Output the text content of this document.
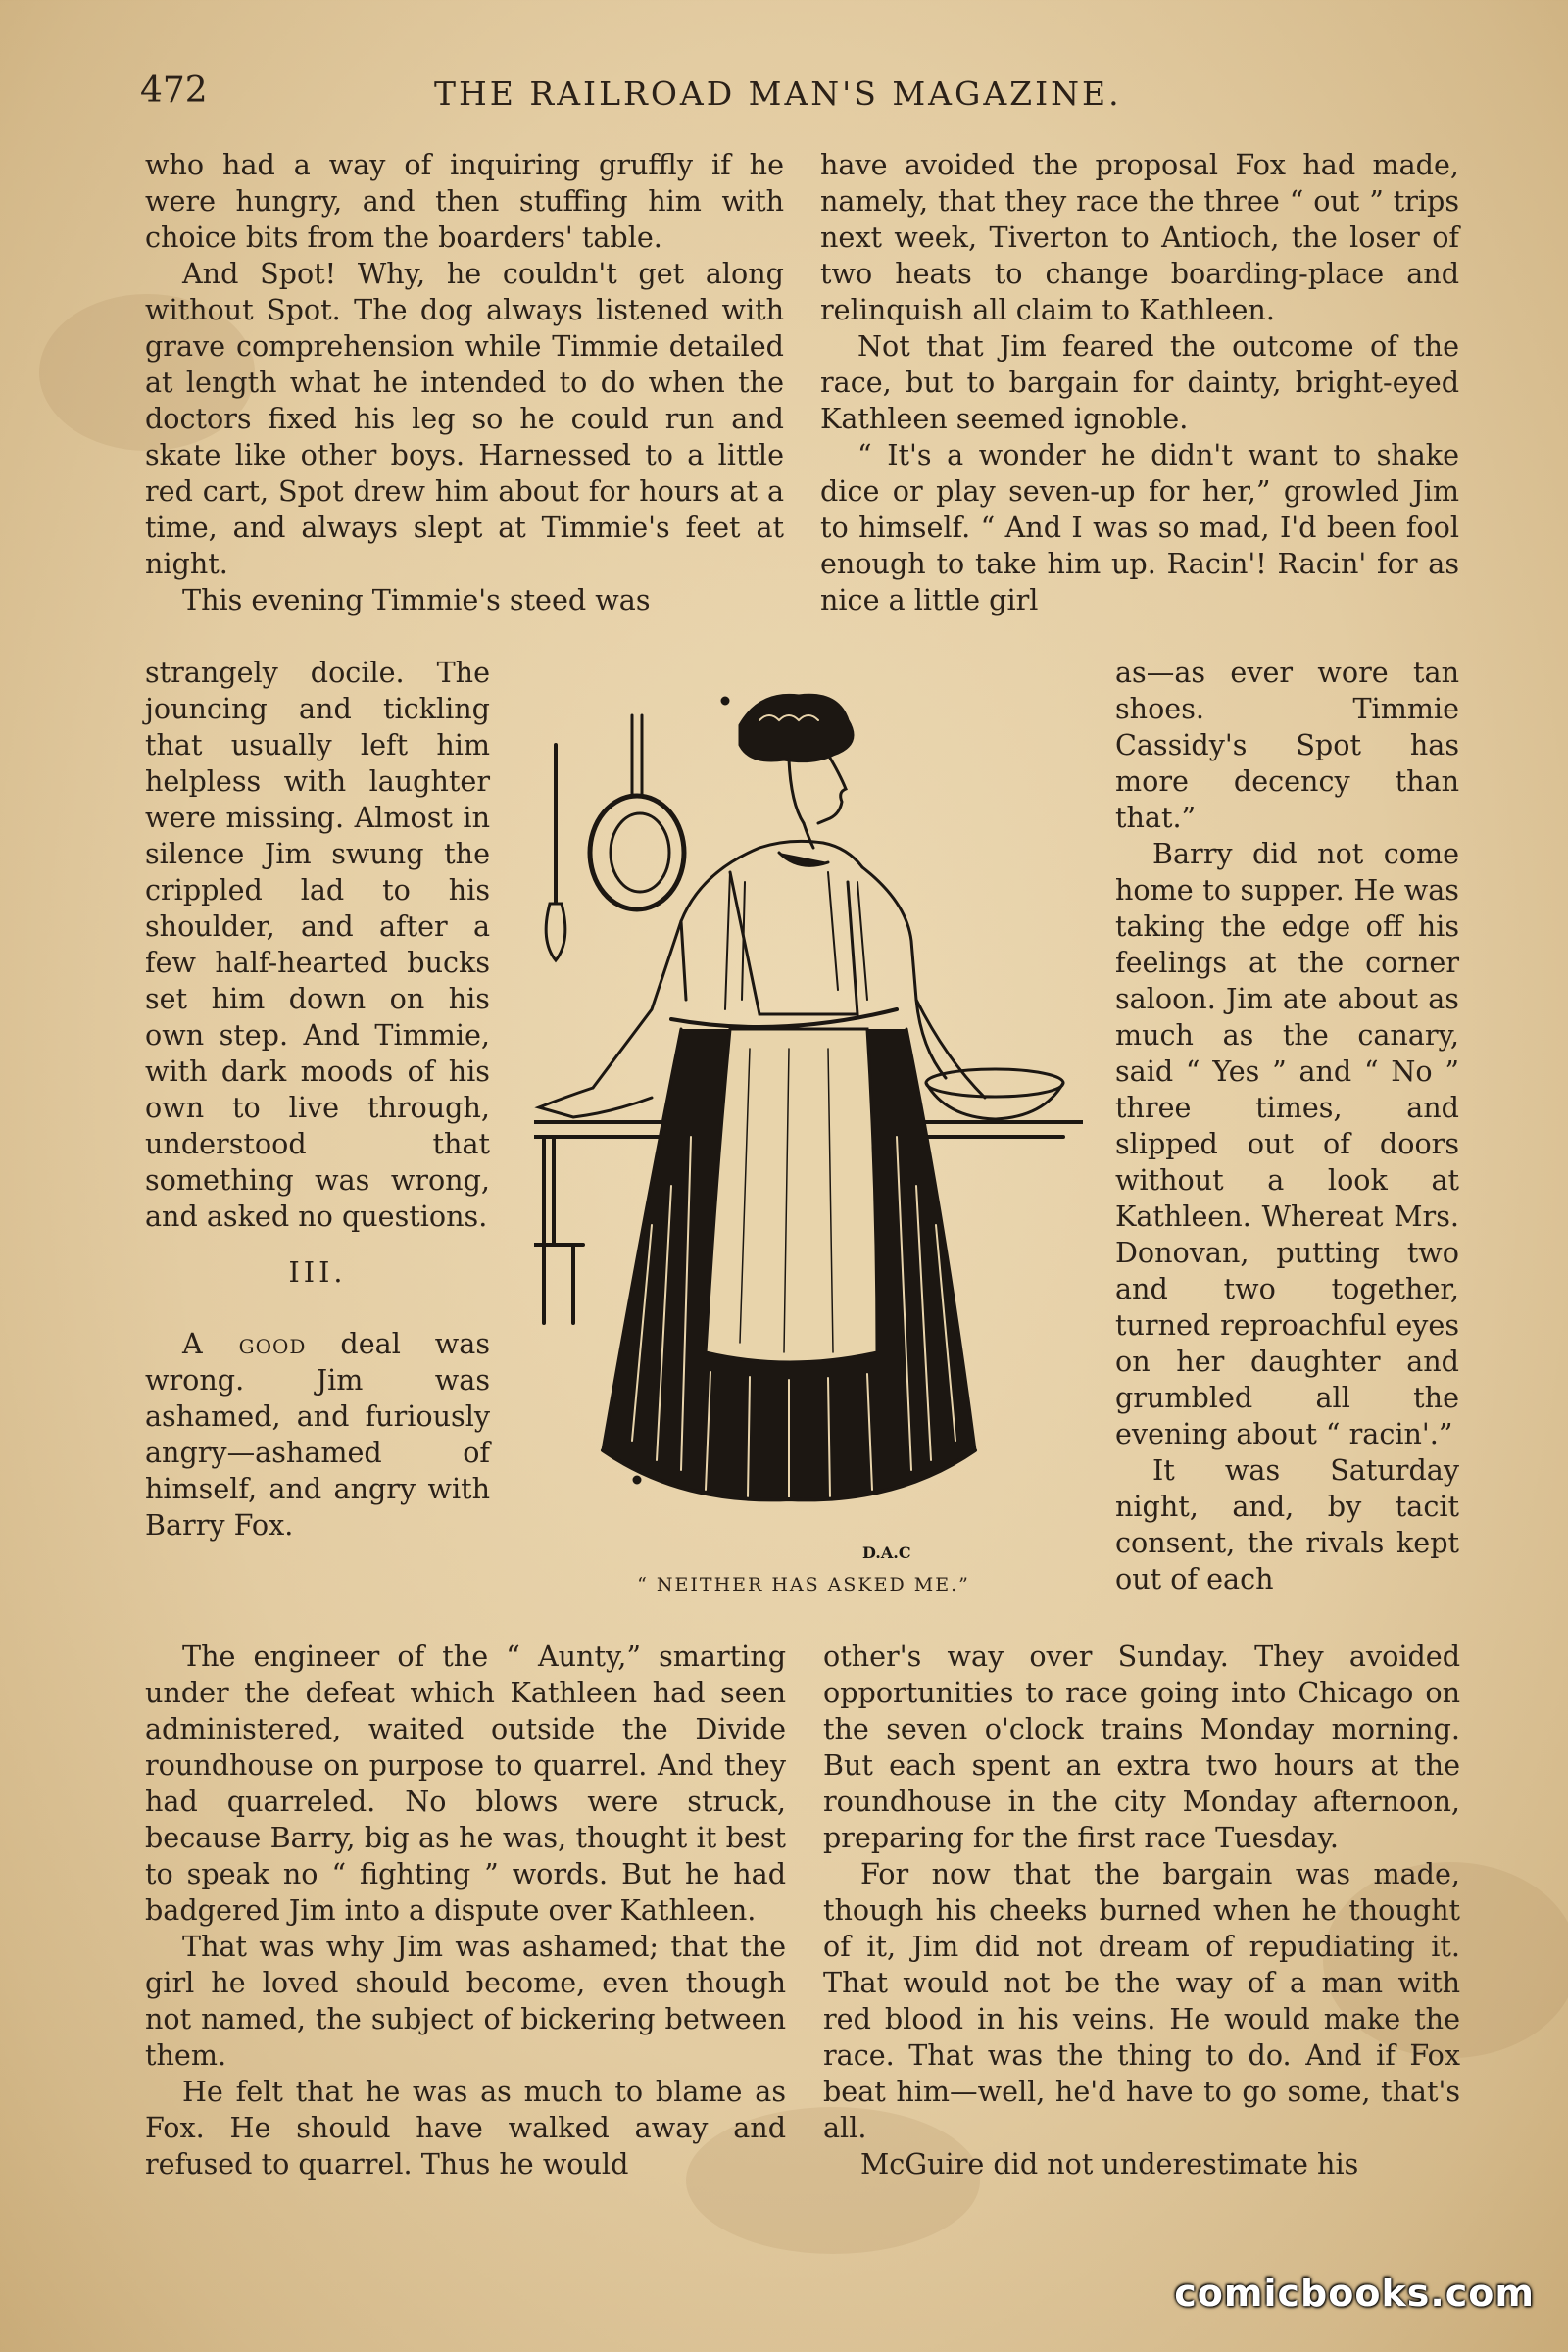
472	THE RAILROAD MAN'S MAGAZINE.

who had a way of inquiring gruffly if he were hungry, and then stuffing him with choice bits from the boarders' table.

And Spot! Why, he couldn't get along without Spot. The dog always listened with grave comprehension while Timmie detailed at length what he intended to do when the doctors fixed his leg so he could run and skate like other boys. Harnessed to a little red cart, Spot drew him about for hours at a time, and always slept at Timmie's feet at night.

This evening Timmie's steed was

strangely docile. The jouncing and tickling that usually left him helpless with laughter were missing. Almost in silence Jim swung the crippled lad to his shoulder, and after a few half-hearted bucks set him down on his own step. And Timmie, with dark moods of his own to live through, understood that something was wrong, and asked no questions.

III.

A good deal was wrong. Jim was ashamed, and furiously angry—ashamed of himself, and angry with Barry Fox.

have avoided the proposal Fox had made, namely, that they race the three “ out ” trips next week, Tiverton to Antioch, the loser of two heats to change boarding-place and relinquish all claim to Kathleen.

Not that Jim feared the outcome of the race, but to bargain for dainty, bright-eyed Kathleen seemed ignoble.

“ It's a wonder he didn't want to shake dice or play seven-up for her,” growled Jim to himself. “ And I was so mad, I'd been fool enough to take him up. Racin'! Racin' for as nice a little girl

as—as ever wore tan shoes. Timmie Cassidy's Spot has more decency than that.”

Barry did not come home to supper. He was taking the edge off his feelings at the corner saloon. Jim ate about as much as the canary, said “ Yes ” and “ No ” three times, and slipped out of doors without a look at Kathleen. Whereat Mrs. Donovan, putting two and two together, turned reproachful eyes on her daughter and grumbled all the evening about “ racin'.”

It was Saturday night, and, by tacit consent, the rivals kept out of each

D.A.C
“ NEITHER HAS ASKED ME.”

The engineer of the “ Aunty,” smarting under the defeat which Kathleen had seen administered, waited outside the Divide roundhouse on purpose to quarrel. And they had quarreled. No blows were struck, because Barry, big as he was, thought it best to speak no “ fighting ” words. But he had badgered Jim into a dispute over Kathleen.

That was why Jim was ashamed; that the girl he loved should become, even though not named, the subject of bickering between them.

He felt that he was as much to blame as Fox. He should have walked away and refused to quarrel. Thus he would

other's way over Sunday. They avoided opportunities to race going into Chicago on the seven o'clock trains Monday morning. But each spent an extra two hours at the roundhouse in the city Monday afternoon, preparing for the first race Tuesday.

For now that the bargain was made, though his cheeks burned when he thought of it, Jim did not dream of repudiating it. That would not be the way of a man with red blood in his veins. He would make the race. That was the thing to do. And if Fox beat him—well, he'd have to go some, that's all.

McGuire did not underestimate his

comicbooks.com
